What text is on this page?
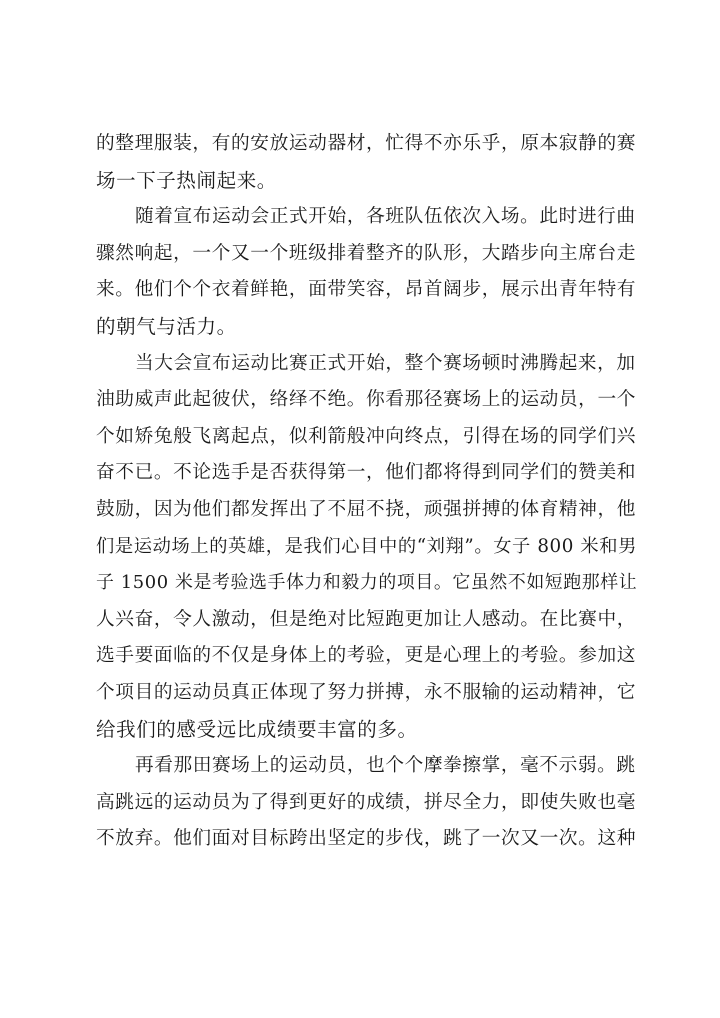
的整理服装，有的安放运动器材，忙得不亦乐乎，原本寂静的赛
场一下子热闹起来。
随着宣布运动会正式开始，各班队伍依次入场。此时进行曲
骤然响起，一个又一个班级排着整齐的队形，大踏步向主席台走
来。他们个个衣着鲜艳，面带笑容，昂首阔步，展示出青年特有
的朝气与活力。
当大会宣布运动比赛正式开始，整个赛场顿时沸腾起来，加
油助威声此起彼伏，络绎不绝。你看那径赛场上的运动员，一个
个如矫兔般飞离起点，似利箭般冲向终点，引得在场的同学们兴
奋不已。不论选手是否获得第一，他们都将得到同学们的赞美和
鼓励，因为他们都发挥出了不屈不挠，顽强拼搏的体育精神，他
们是运动场上的英雄，是我们心目中的“刘翔”。女子 800 米和男
子 1500 米是考验选手体力和毅力的项目。它虽然不如短跑那样让
人兴奋，令人激动，但是绝对比短跑更加让人感动。在比赛中，
选手要面临的不仅是身体上的考验，更是心理上的考验。参加这
个项目的运动员真正体现了努力拼搏，永不服输的运动精神，它
给我们的感受远比成绩要丰富的多。
再看那田赛场上的运动员，也个个摩拳擦掌，毫不示弱。跳
高跳远的运动员为了得到更好的成绩，拼尽全力，即使失败也毫
不放弃。他们面对目标跨出坚定的步伐，跳了一次又一次。这种
